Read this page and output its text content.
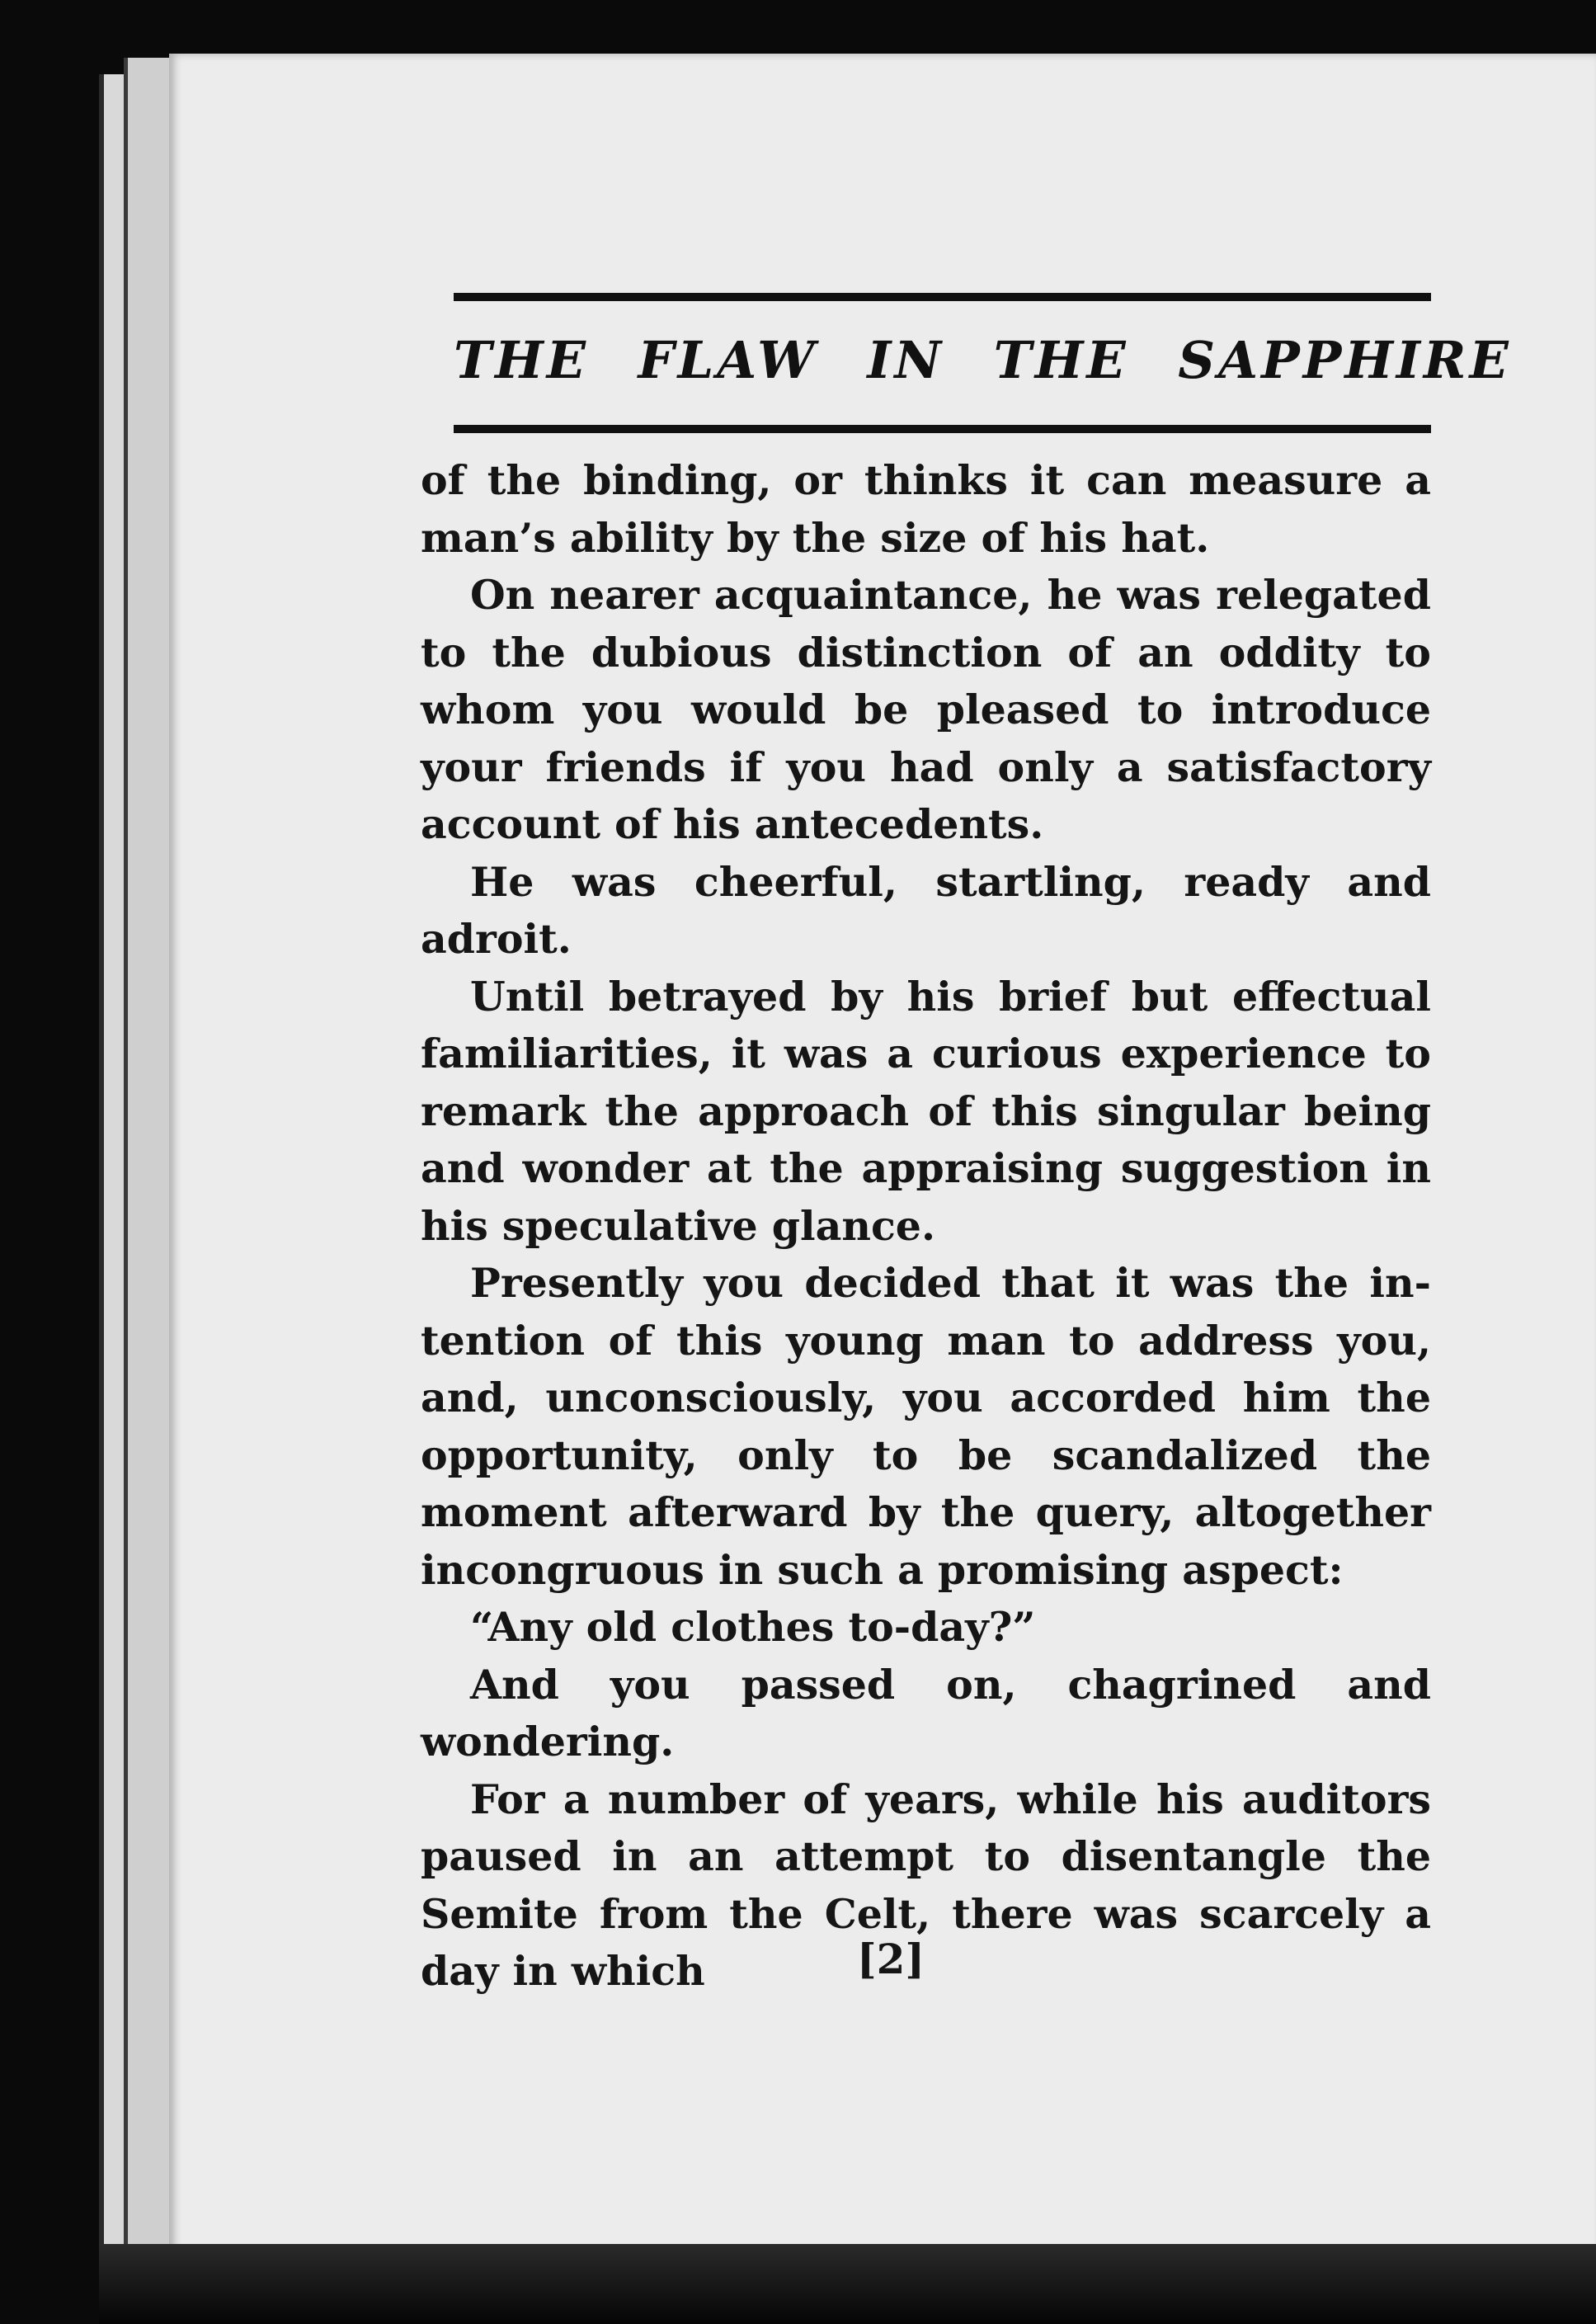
THE FLAW IN THE SAPPHIRE

of the binding, or thinks it can measure a man’s ability by the size of his hat.

On nearer acquaintance, he was relegated to the dubious distinction of an oddity to whom you would be pleased to introduce your friends if you had only a satisfactory account of his antecedents.

He was cheerful, startling, ready and adroit.

Until betrayed by his brief but effectual familiarities, it was a curious experience to remark the approach of this singular being and wonder at the appraising suggestion in his speculative glance.

Presently you decided that it was the intention of this young man to address you, and, unconsciously, you accorded him the opportunity, only to be scandalized the moment afterward by the query, altogether incongruous in such a promising aspect:

“Any old clothes to-day?”

And you passed on, chagrined and wondering.

For a number of years, while his auditors paused in an attempt to disentangle the Semite from the Celt, there was scarcely a day in which	[2]
